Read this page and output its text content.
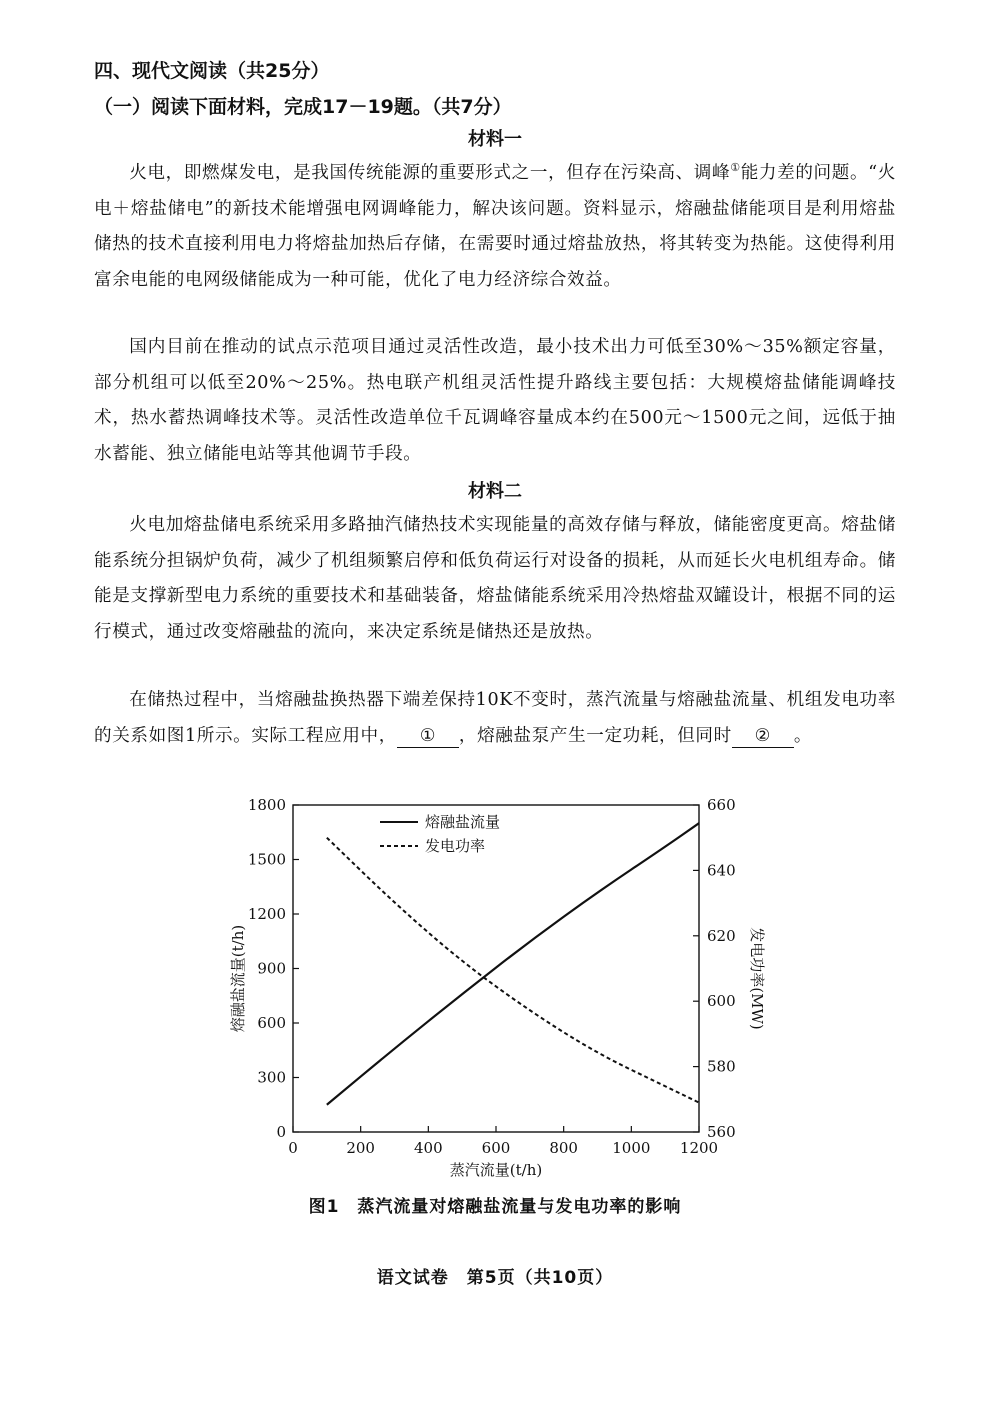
四、现代文阅读（共25分）
（一）阅读下面材料，完成17－19题。（共7分）
材料一
火电，即燃煤发电，是我国传统能源的重要形式之一，但存在污染高、调峰①能力差的问题。“火电＋熔盐储电”的新技术能增强电网调峰能力，解决该问题。资料显示，熔融盐储能项目是利用熔盐储热的技术直接利用电力将熔盐加热后存储，在需要时通过熔盐放热，将其转变为热能。这使得利用富余电能的电网级储能成为一种可能，优化了电力经济综合效益。
国内目前在推动的试点示范项目通过灵活性改造，最小技术出力可低至30%～35%额定容量，部分机组可以低至20%～25%。热电联产机组灵活性提升路线主要包括：大规模熔盐储能调峰技术，热水蓄热调峰技术等。灵活性改造单位千瓦调峰容量成本约在500元～1500元之间，远低于抽水蓄能、独立储能电站等其他调节手段。
材料二
火电加熔盐储电系统采用多路抽汽储热技术实现能量的高效存储与释放，储能密度更高。熔盐储能系统分担锅炉负荷，减少了机组频繁启停和低负荷运行对设备的损耗，从而延长火电机组寿命。储能是支撑新型电力系统的重要技术和基础装备，熔盐储能系统采用冷热熔盐双罐设计，根据不同的运行模式，通过改变熔融盐的流向，来决定系统是储热还是放热。
在储热过程中，当熔融盐换热器下端差保持10K不变时，蒸汽流量与熔融盐流量、机组发电功率的关系如图1所示。实际工程应用中， ① ，熔融盐泵产生一定功耗，但同时 ② 。
0	200	400	600	800 1000 1200
0
300
600
900
1200
1500
1800
560
580
600
620
640
660
蒸汽流量(t/h)
熔融盐流量(t/h)	发电功率(MW)
熔融盐流量
发电功率
图1　蒸汽流量对熔融盐流量与发电功率的影响
语文试卷　第5页（共10页）
